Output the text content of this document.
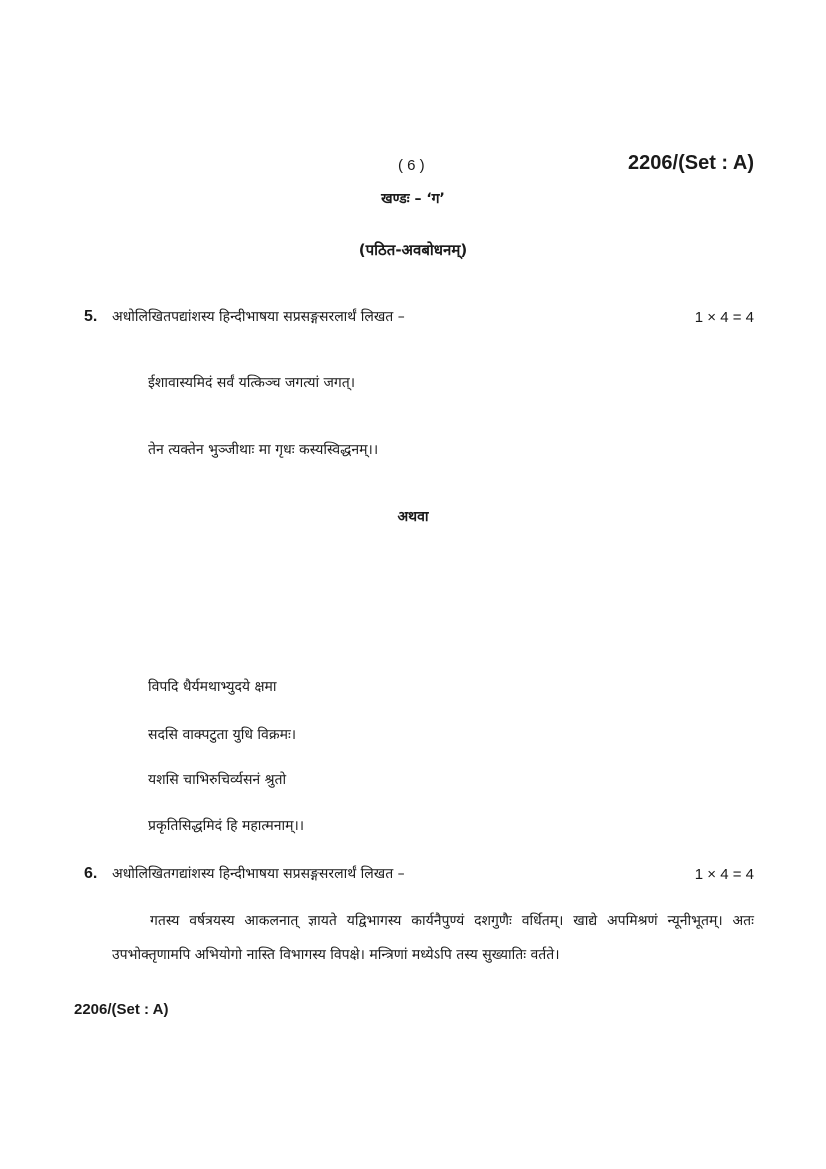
( 6 )	2206/(Set : A)
खण्डः – ‘ग’
(पठित-अवबोधनम्)
5. अधोलिखितपद्यांशस्य हिन्दीभाषया सप्रसङ्गसरलार्थं लिखत –	1 × 4 = 4
ईशावास्यमिदं सर्वं यत्किञ्च जगत्यां जगत्।
तेन त्यक्तेन भुञ्जीथाः मा गृधः कस्यस्विद्धनम्।।
अथवा
विपदि धैर्यमथाभ्युदये क्षमा
सदसि वाक्पटुता युधि विक्रमः।
यशसि चाभिरुचिर्व्यसनं श्रुतो
प्रकृतिसिद्धमिदं हि महात्मनाम्।।
6. अधोलिखितगद्यांशस्य हिन्दीभाषया सप्रसङ्गसरलार्थं लिखत –	1 × 4 = 4
गतस्य वर्षत्रयस्य आकलनात् ज्ञायते यद्विभागस्य कार्यनैपुण्यं दशगुणैः वर्धितम्। खाद्ये अपमिश्रणं न्यूनीभूतम्। अतः उपभोक्तृणामपि अभियोगो नास्ति विभागस्य विपक्षे। मन्त्रिणां मध्येऽपि तस्य सुख्यातिः वर्तते।
2206/(Set : A)
